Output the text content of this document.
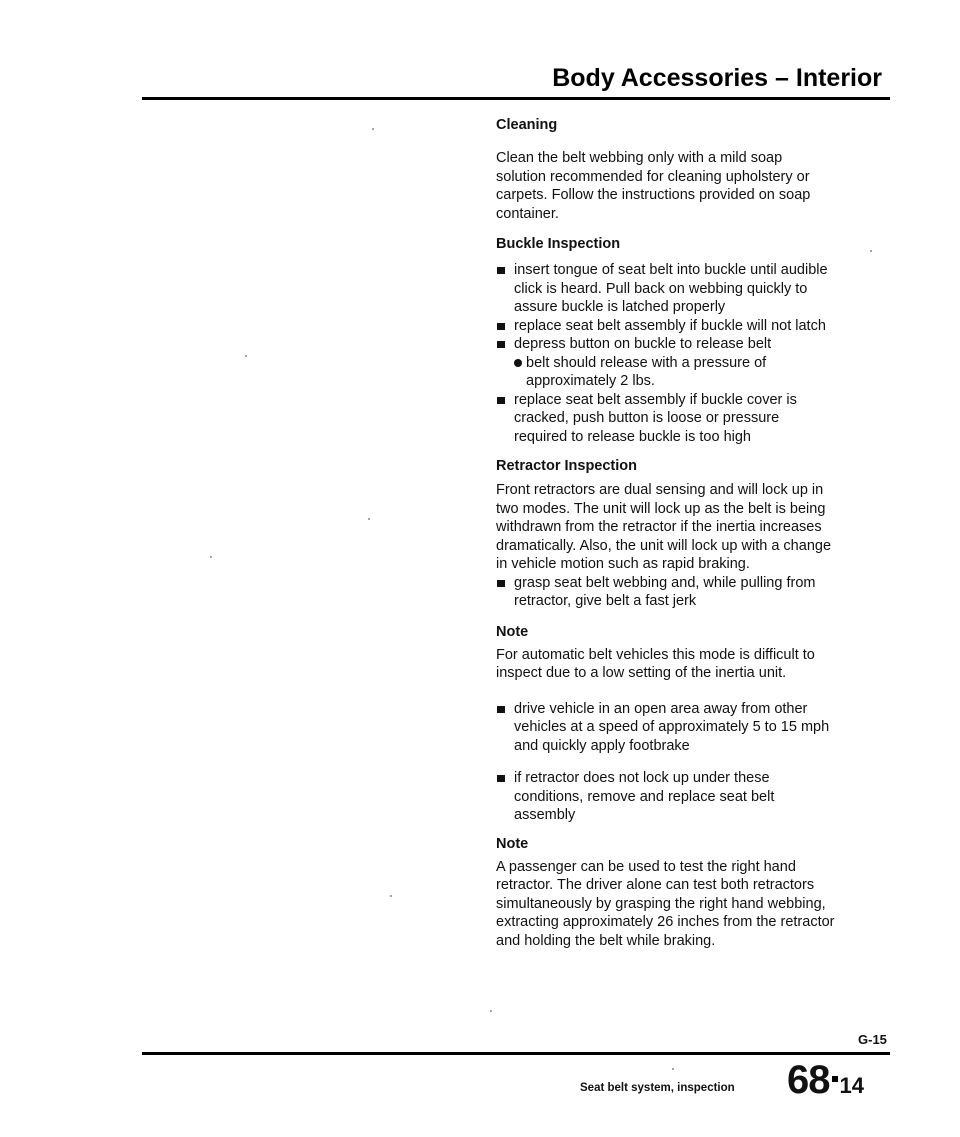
Body Accessories – Interior

Cleaning

Clean the belt webbing only with a mild soap solution recommended for cleaning upholstery or carpets. Follow the instructions provided on soap container.

Buckle Inspection

insert tongue of seat belt into buckle until audible click is heard. Pull back on webbing quickly to assure buckle is latched properly
replace seat belt assembly if buckle will not latch
depress button on buckle to release belt
belt should release with a pressure of approximately 2 lbs.
replace seat belt assembly if buckle cover is cracked, push button is loose or pressure required to release buckle is too high

Retractor Inspection

Front retractors are dual sensing and will lock up in two modes. The unit will lock up as the belt is being withdrawn from the retractor if the inertia increases dramatically. Also, the unit will lock up with a change in vehicle motion such as rapid braking.

grasp seat belt webbing and, while pulling from retractor, give belt a fast jerk

Note

For automatic belt vehicles this mode is difficult to inspect due to a low setting of the inertia unit.

drive vehicle in an open area away from other vehicles at a speed of approximately 5 to 15 mph and quickly apply footbrake
if retractor does not lock up under these conditions, remove and replace seat belt assembly

Note

A passenger can be used to test the right hand retractor. The driver alone can test both retractors simultaneously by grasping the right hand webbing, extracting approximately 26 inches from the retractor and holding the belt while braking.

G-15
Seat belt system, inspection 68 14
